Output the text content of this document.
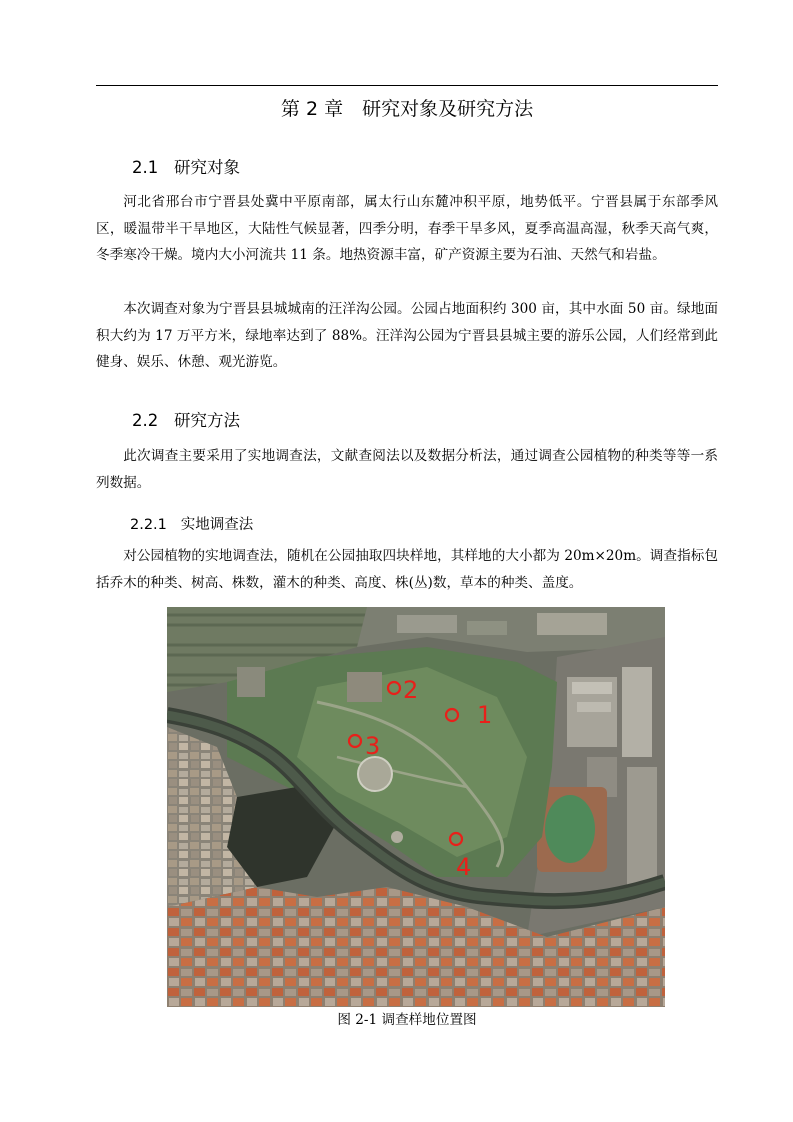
第 2 章　研究对象及研究方法
2.1 研究对象

河北省邢台市宁晋县处冀中平原南部，属太行山东麓冲积平原，地势低平。宁晋县属于东部季风区，暖温带半干旱地区，大陆性气候显著，四季分明，春季干旱多风，夏季高温高湿，秋季天高气爽，冬季寒冷干燥。境内大小河流共 11 条。地热资源丰富，矿产资源主要为石油、天然气和岩盐。

本次调查对象为宁晋县县城城南的汪洋沟公园。公园占地面积约 300 亩，其中水面 50 亩。绿地面积大约为 17 万平方米，绿地率达到了 88%。汪洋沟公园为宁晋县县城主要的游乐公园，人们经常到此健身、娱乐、休憩、观光游览。

2.2 研究方法

此次调查主要采用了实地调查法，文献查阅法以及数据分析法，通过调查公园植物的种类等等一系列数据。

2.2.1 实地调查法

对公园植物的实地调查法，随机在公园抽取四块样地，其样地的大小都为 20m×20m。调查指标包括乔木的种类、树高、株数，灌木的种类、高度、株(丛)数，草本的种类、盖度。

1
2
3
4
图 2-1 调查样地位置图
